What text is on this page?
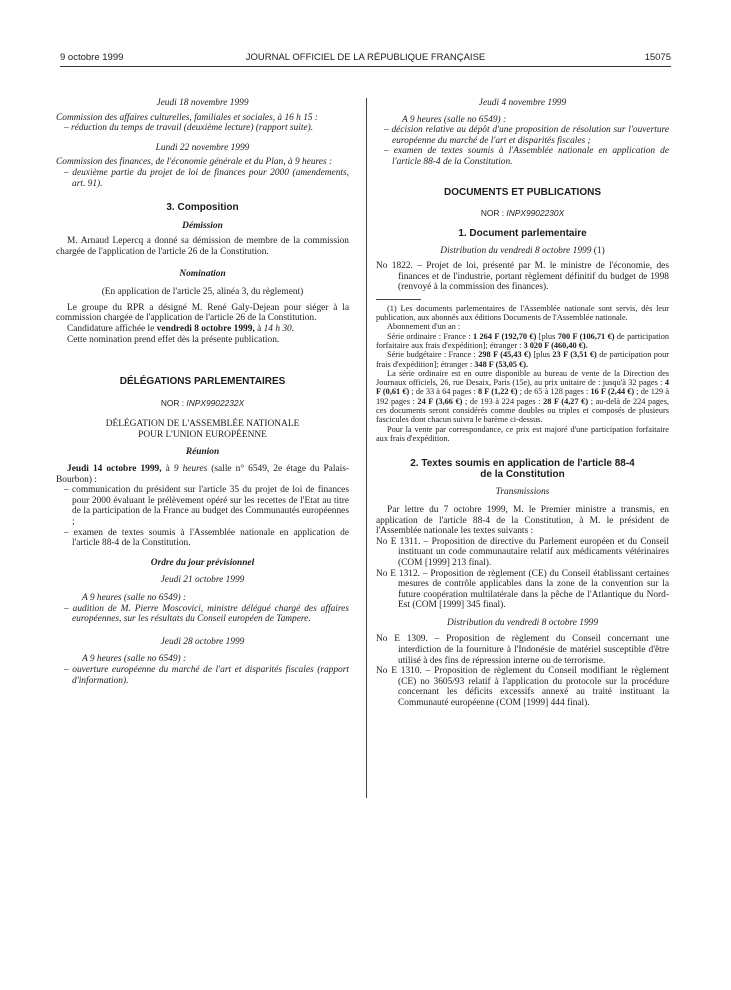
9 octobre 1999	JOURNAL OFFICIEL DE LA RÉPUBLIQUE FRANÇAISE	15075

Jeudi 18 novembre 1999

Commission des affaires culturelles, familiales et sociales, à 16 h 15 :

– réduction du temps de travail (deuxième lecture) (rapport suite).

Lundi 22 novembre 1999

Commission des finances, de l'économie générale et du Plan, à 9 heures :

– deuxième partie du projet de loi de finances pour 2000 (amendements, art. 91).

3. Composition

Démission

M. Arnaud Lepercq a donné sa démission de membre de la commission chargée de l'application de l'article 26 de la Constitution.

Nomination

(En application de l'article 25, alinéa 3, du règlement)

Le groupe du RPR a désigné M. René Galy-Dejean pour siéger à la commission chargée de l'application de l'article 26 de la Constitution.

Candidature affichée le vendredi 8 octobre 1999, à 14 h 30.

Cette nomination prend effet dès la présente publication.

DÉLÉGATIONS PARLEMENTAIRES

NOR : INPX9902232X

DÉLÉGATION DE L'ASSEMBLÉE NATIONALE POUR L'UNION EUROPÉENNE

Réunion

Jeudi 14 octobre 1999, à 9 heures (salle n° 6549, 2e étage du Palais-Bourbon) :

– communication du président sur l'article 35 du projet de loi de finances pour 2000 évaluant le prélèvement opéré sur les recettes de l'Etat au titre de la participation de la France au budget des Communautés européennes ;

– examen de textes soumis à l'Assemblée nationale en application de l'article 88-4 de la Constitution.

Ordre du jour prévisionnel

Jeudi 21 octobre 1999

A 9 heures (salle no 6549) :

– audition de M. Pierre Moscovici, ministre délégué chargé des affaires européennes, sur les résultats du Conseil européen de Tampere.

Jeudi 28 octobre 1999

A 9 heures (salle no 6549) :

– ouverture européenne du marché de l'art et disparités fiscales (rapport d'information).

Jeudi 4 novembre 1999

A 9 heures (salle no 6549) :

– décision relative au dépôt d'une proposition de résolution sur l'ouverture européenne du marché de l'art et disparités fiscales ;

– examen de textes soumis à l'Assemblée nationale en application de l'article 88-4 de la Constitution.

DOCUMENTS ET PUBLICATIONS

NOR : INPX9902230X

1. Document parlementaire

Distribution du vendredi 8 octobre 1999 (1)

No 1822. – Projet de loi, présenté par M. le ministre de l'économie, des finances et de l'industrie, portant règlement définitif du budget de 1998 (renvoyé à la commission des finances).

(1) Les documents parlementaires de l'Assemblée nationale sont servis, dès leur publication, aux abonnés aux éditions Documents de l'Assemblée nationale.

Abonnement d'un an :

Série ordinaire : France : 1 264 F (192,70 €) [plus 700 F (106,71 €) de participation forfaitaire aux frais d'expédition]; étranger : 3 020 F (460,40 €).

Série budgétaire : France : 298 F (45,43 €) [plus 23 F (3,51 €) de participation pour frais d'expédition]; étranger : 348 F (53,05 €).

La série ordinaire est en outre disponible au bureau de vente de la Direction des Journaux officiels, 26, rue Desaix, Paris (15e), au prix unitaire de : jusqu'à 32 pages : 4 F (0,61 €) ; de 33 à 64 pages : 8 F (1,22 €) ; de 65 à 128 pages : 16 F (2,44 €) ; de 129 à 192 pages : 24 F (3,66 €) ; de 193 à 224 pages : 28 F (4,27 €) ; au-delà de 224 pages, ces documents seront considérés comme doubles ou triples et composés de plusieurs fascicules dont chacun suivra le barème ci-dessus.

Pour la vente par correspondance, ce prix est majoré d'une participation forfaitaire aux frais d'expédition.

2. Textes soumis en application de l'article 88-4 de la Constitution

Transmissions

Par lettre du 7 octobre 1999, M. le Premier ministre a transmis, en application de l'article 88-4 de la Constitution, à M. le président de l'Assemblée nationale les textes suivants :

No E 1311. – Proposition de directive du Parlement européen et du Conseil instituant un code communautaire relatif aux médicaments vétérinaires (COM [1999] 213 final).

No E 1312. – Proposition de règlement (CE) du Conseil établissant certaines mesures de contrôle applicables dans la zone de la convention sur la future coopération multilatérale dans la pêche de l'Atlantique du Nord-Est (COM [1999] 345 final).

Distribution du vendredi 8 octobre 1999

No E 1309. – Proposition de règlement du Conseil concernant une interdiction de la fourniture à l'Indonésie de matériel susceptible d'être utilisé à des fins de répression interne ou de terrorisme.

No E 1310. – Proposition de règlement du Conseil modifiant le règlement (CE) no 3605/93 relatif à l'application du protocole sur la procédure concernant les déficits excessifs annexé au traité instituant la Communauté européenne (COM [1999] 444 final).
